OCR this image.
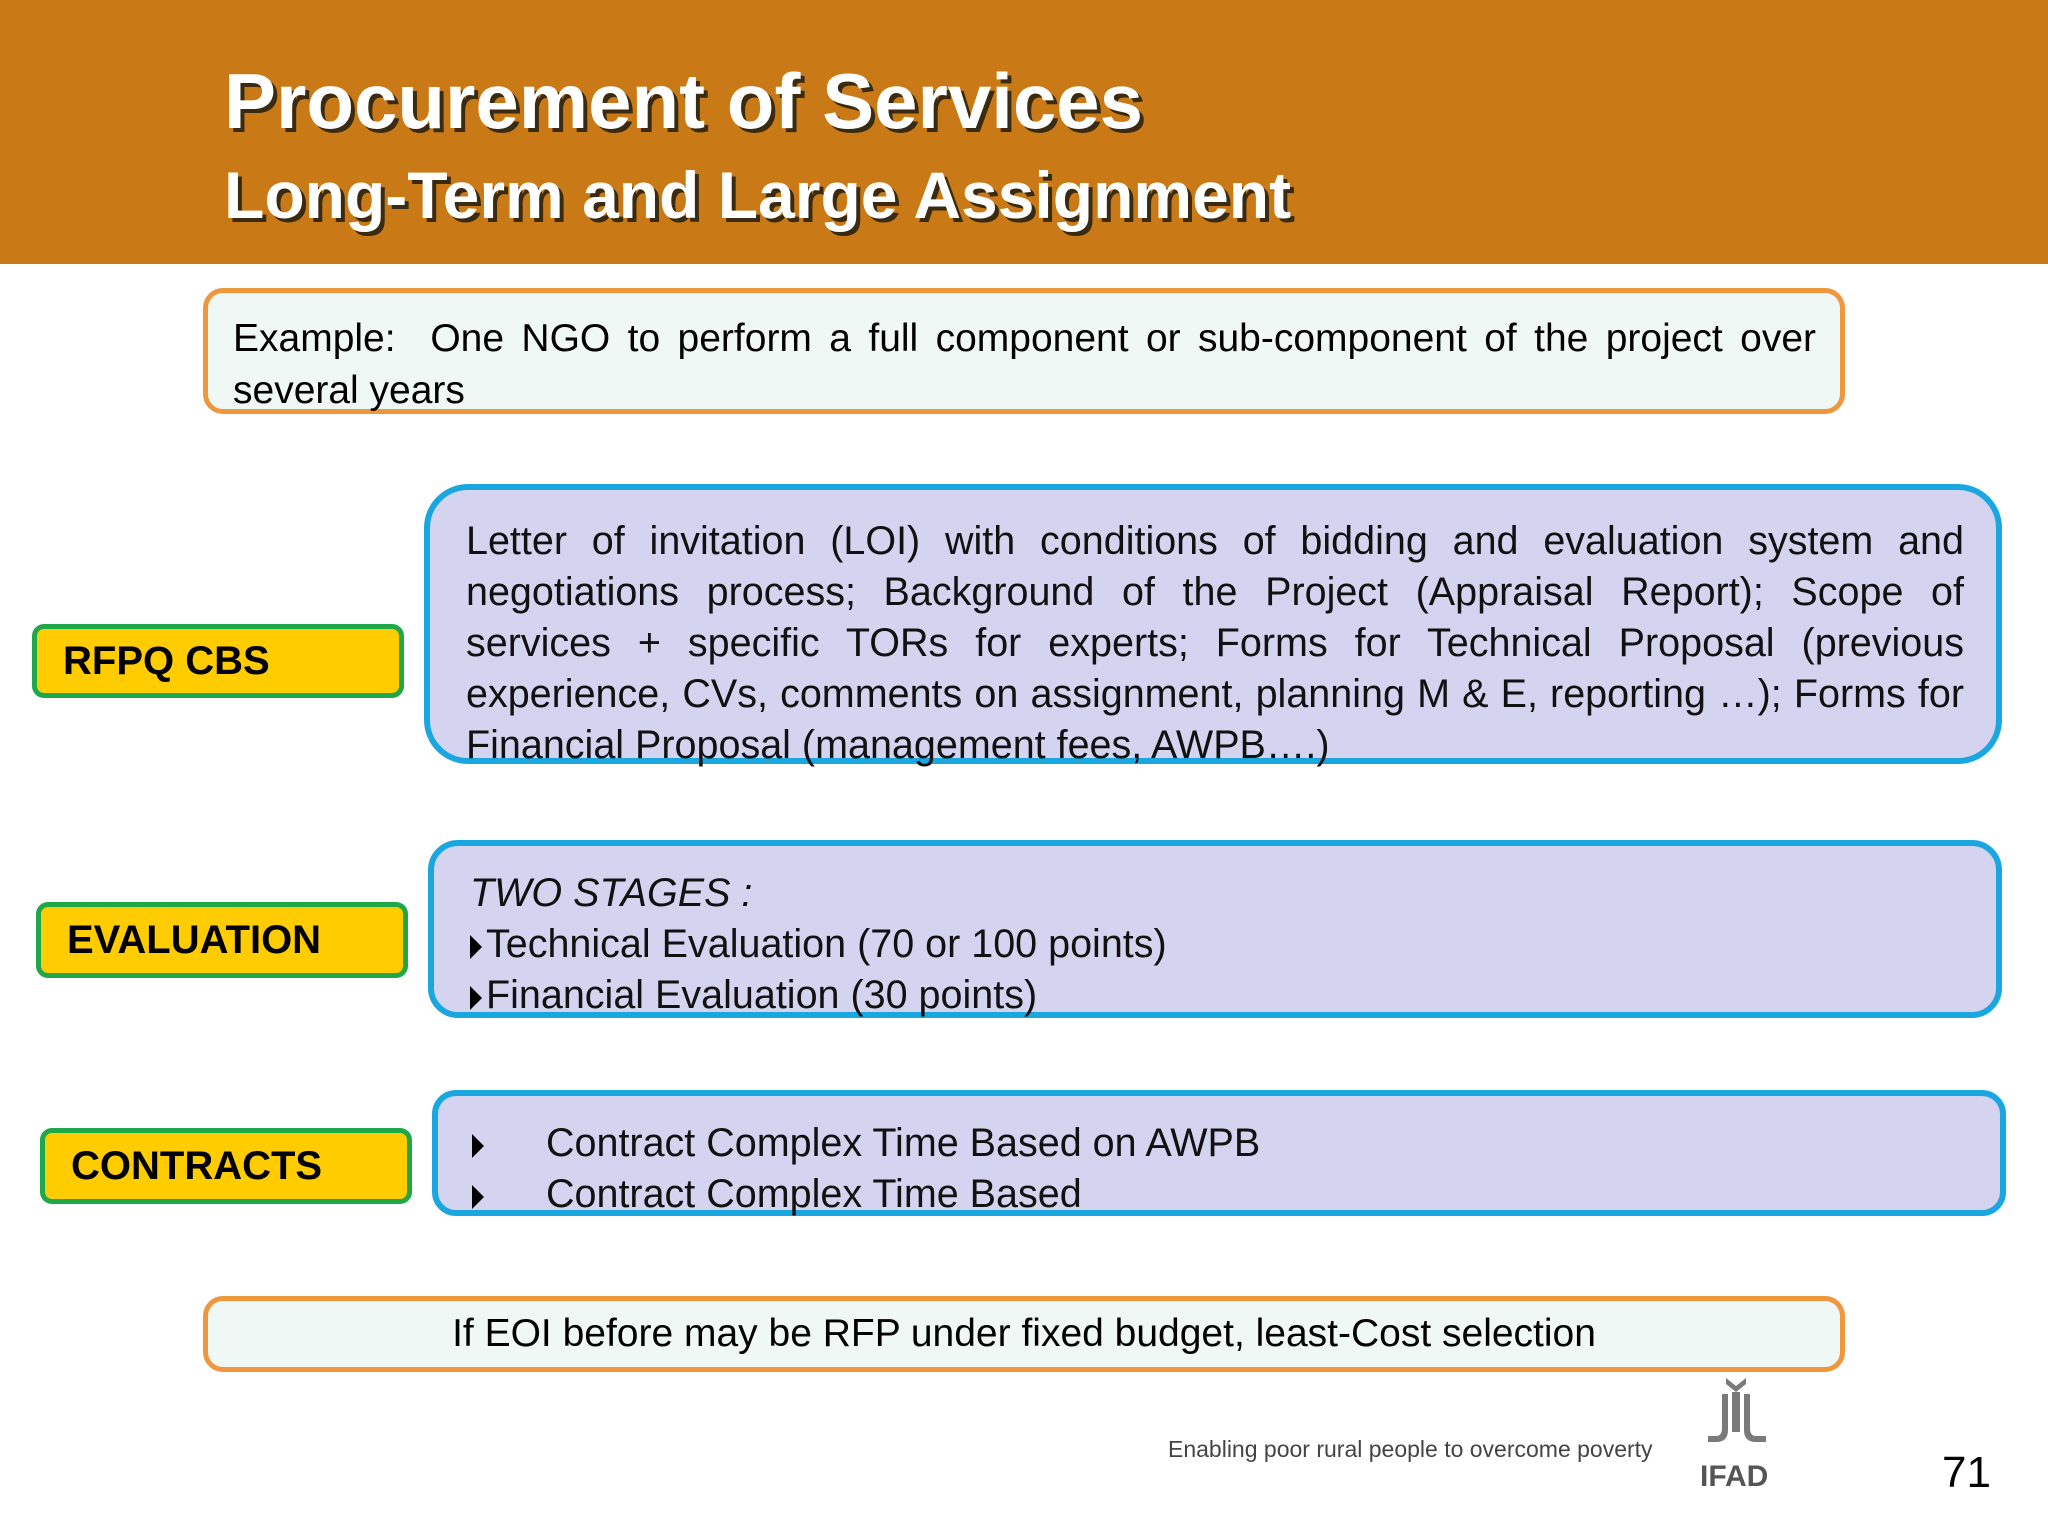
Procurement of Services
Long-Term and Large Assignment
Example: One NGO to perform a full component or sub-component of the project over several years
RFPQ CBS
Letter of invitation (LOI) with conditions of bidding and evaluation system and negotiations process; Background of the Project (Appraisal Report); Scope of services + specific TORs for experts; Forms for Technical Proposal (previous experience, CVs, comments on assignment, planning M & E, reporting …); Forms for Financial Proposal (management fees, AWPB….)
EVALUATION
TWO STAGES :
Technical Evaluation (70 or 100 points)
Financial Evaluation (30 points)
CONTRACTS
Contract Complex Time Based on AWPB
Contract Complex Time Based
If EOI before may be RFP under fixed budget, least-Cost selection
Enabling poor rural people to overcome poverty
IFAD	71
